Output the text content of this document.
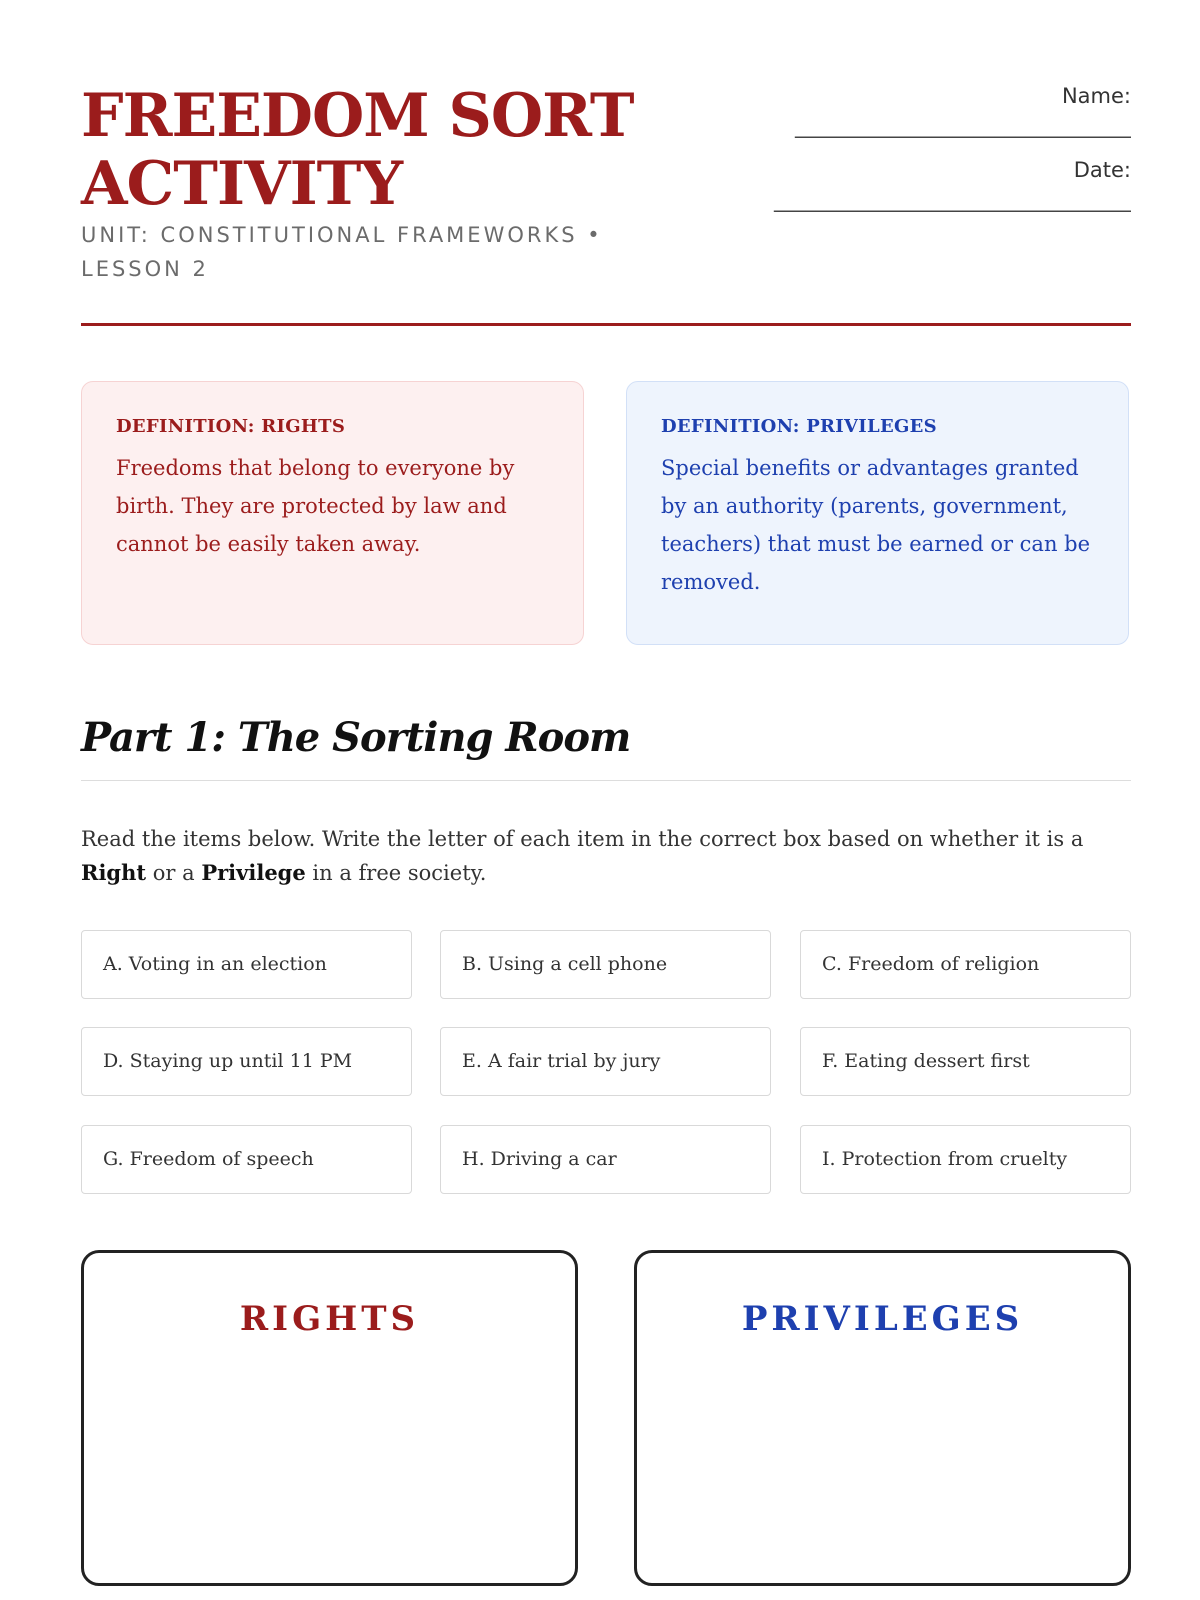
FREEDOM SORT ACTIVITY
UNIT: CONSTITUTIONAL FRAMEWORKS • LESSON 2
Name:
________________________________
Date:
__________________________________
DEFINITION: RIGHTS

Freedoms that belong to everyone by birth. They are protected by law and cannot be easily taken away.

DEFINITION: PRIVILEGES

Special benefits or advantages granted by an authority (parents, government, teachers) that must be earned or can be removed.

Part 1: The Sorting Room

Read the items below. Write the letter of each item in the correct box based on whether it is a Right or a Privilege in a free society.

A. Voting in an election	B. Using a cell phone	C. Freedom of religion
D. Staying up until 11 PM	E. A fair trial by jury	F. Eating dessert first
G. Freedom of speech	H. Driving a car	I. Protection from cruelty
RIGHTS	PRIVILEGES
